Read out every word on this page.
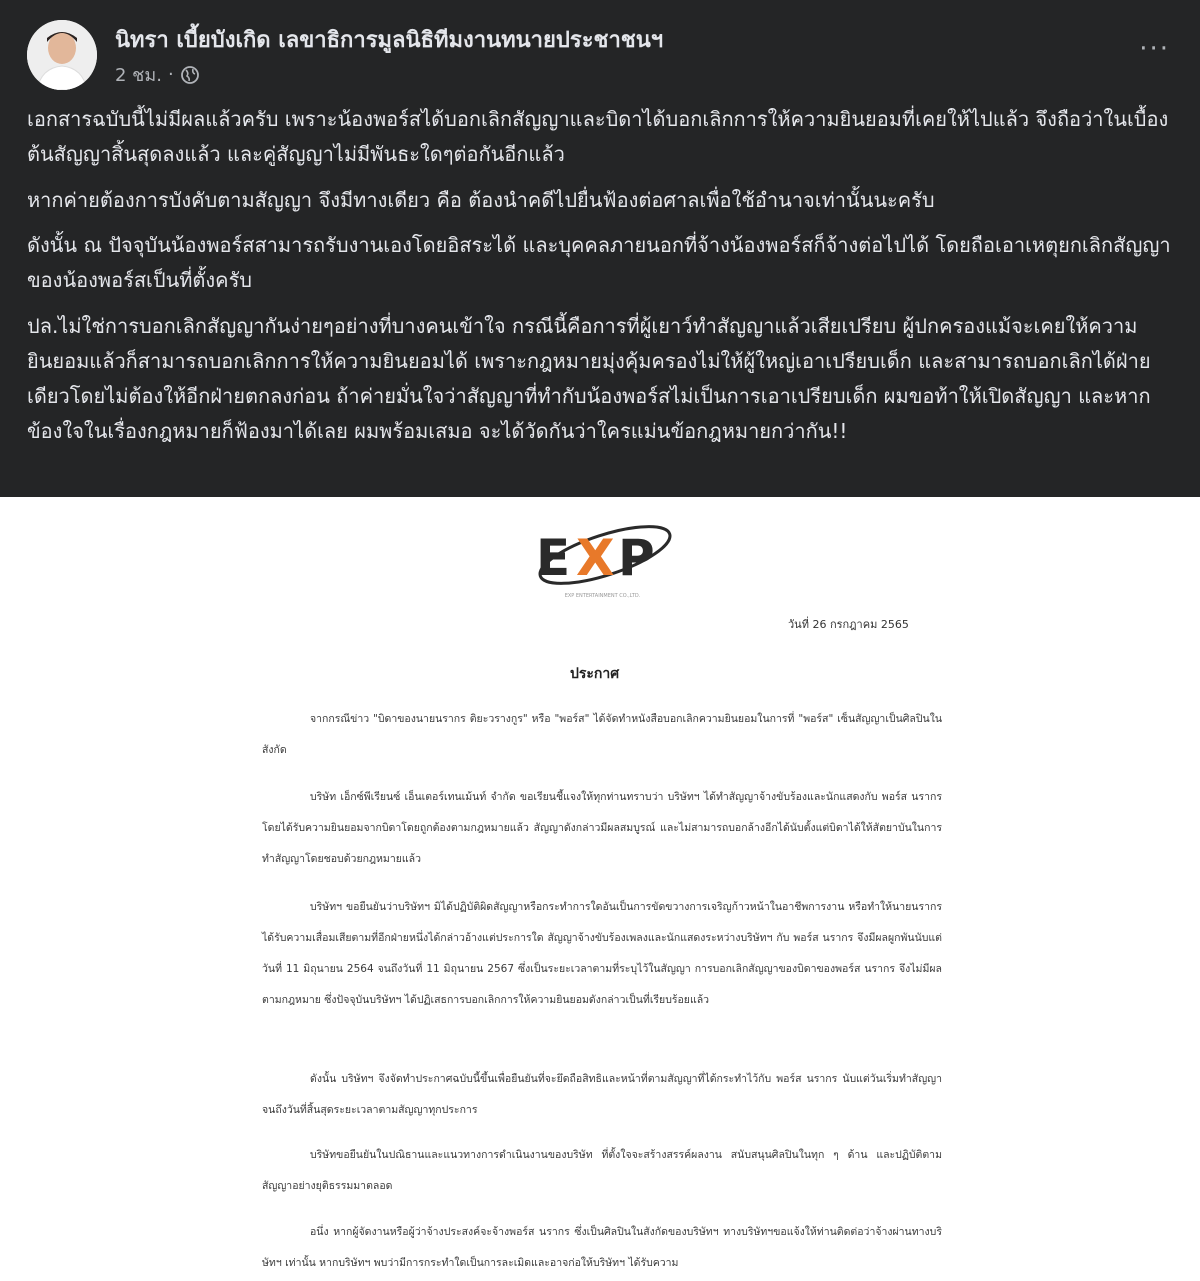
นิทรา เบี้ยบังเกิด เลขาธิการมูลนิธิทีมงานทนายประชาชนฯ
2 ชม. ·
···

เอกสารฉบับนี้ไม่มีผลแล้วครับ เพราะน้องพอร์สได้บอกเลิกสัญญาและบิดาได้บอกเลิกการให้ความยินยอมที่เคยให้ไปแล้ว จึงถือว่าในเบื้องต้นสัญญาสิ้นสุดลงแล้ว และคู่สัญญาไม่มีพันธะใดๆต่อกันอีกแล้ว

หากค่ายต้องการบังคับตามสัญญา จึงมีทางเดียว คือ ต้องนำคดีไปยื่นฟ้องต่อศาลเพื่อใช้อำนาจเท่านั้นนะครับ

ดังนั้น ณ ปัจจุบันน้องพอร์สสามารถรับงานเองโดยอิสระได้ และบุคคลภายนอกที่จ้างน้องพอร์สก็จ้างต่อไปได้ โดยถือเอาเหตุยกเลิกสัญญาของน้องพอร์สเป็นที่ตั้งครับ

ปล.ไม่ใช่การบอกเลิกสัญญากันง่ายๆอย่างที่บางคนเข้าใจ กรณีนี้คือการที่ผู้เยาว์ทำสัญญาแล้วเสียเปรียบ ผู้ปกครองแม้จะเคยให้ความยินยอมแล้วก็สามารถบอกเลิกการให้ความยินยอมได้ เพราะกฎหมายมุ่งคุ้มครองไม่ให้ผู้ใหญ่เอาเปรียบเด็ก และสามารถบอกเลิกได้ฝ่ายเดียวโดยไม่ต้องให้อีกฝ่ายตกลงก่อน ถ้าค่ายมั่นใจว่าสัญญาที่ทำกับน้องพอร์สไม่เป็นการเอาเปรียบเด็ก ผมขอท้าให้เปิดสัญญา และหากข้องใจในเรื่องกฎหมายก็ฟ้องมาได้เลย ผมพร้อมเสมอ จะได้วัดกันว่าใครแม่นข้อกฎหมายกว่ากัน!!

E X P
EXP ENTERTAINMENT CO.,LTD.
วันที่ 26 กรกฎาคม 2565
ประกาศ

จากกรณีข่าว "บิดาของนายนรากร ติยะวรางกูร" หรือ "พอร์ส" ได้จัดทำหนังสือบอกเลิกความยินยอมในการที่ "พอร์ส" เซ็นสัญญาเป็นศิลปินในสังกัด

บริษัท เอ็กซ์พีเรียนซ์ เอ็นเตอร์เทนเม้นท์ จำกัด ขอเรียนชี้แจงให้ทุกท่านทราบว่า บริษัทฯ ได้ทำสัญญาจ้างขับร้องและนักแสดงกับ พอร์ส นรากร โดยได้รับความยินยอมจากบิดาโดยถูกต้องตามกฎหมายแล้ว สัญญาดังกล่าวมีผลสมบูรณ์ และไม่สามารถบอกล้างอีกได้นับตั้งแต่บิดาได้ให้สัตยาบันในการทำสัญญาโดยชอบด้วยกฎหมายแล้ว

บริษัทฯ ขอยืนยันว่าบริษัทฯ มิได้ปฏิบัติผิดสัญญาหรือกระทำการใดอันเป็นการขัดขวางการเจริญก้าวหน้าในอาชีพการงาน หรือทำให้นายนรากร ได้รับความเสื่อมเสียตามที่อีกฝ่ายหนึ่งได้กล่าวอ้างแต่ประการใด สัญญาจ้างขับร้องเพลงและนักแสดงระหว่างบริษัทฯ กับ พอร์ส นรากร จึงมีผลผูกพันนับแต่วันที่ 11 มิถุนายน 2564 จนถึงวันที่ 11 มิถุนายน 2567 ซึ่งเป็นระยะเวลาตามที่ระบุไว้ในสัญญา การบอกเลิกสัญญาของบิดาของพอร์ส นรากร จึงไม่มีผลตามกฎหมาย ซึ่งปัจจุบันบริษัทฯ ได้ปฏิเสธการบอกเลิกการให้ความยินยอมดังกล่าวเป็นที่เรียบร้อยแล้ว

ดังนั้น บริษัทฯ จึงจัดทำประกาศฉบับนี้ขึ้นเพื่อยืนยันที่จะยึดถือสิทธิและหน้าที่ตามสัญญาที่ได้กระทำไว้กับ พอร์ส นรากร นับแต่วันเริ่มทำสัญญาจนถึงวันที่สิ้นสุดระยะเวลาตามสัญญาทุกประการ

บริษัทขอยืนยันในปณิธานและแนวทางการดำเนินงานของบริษัท ที่ตั้งใจจะสร้างสรรค์ผลงาน สนับสนุนศิลปินในทุก ๆ ด้าน และปฏิบัติตามสัญญาอย่างยุติธรรมมาตลอด

อนึ่ง หากผู้จัดงานหรือผู้ว่าจ้างประสงค์จะจ้างพอร์ส นรากร ซึ่งเป็นศิลปินในสังกัดของบริษัทฯ ทางบริษัทฯขอแจ้งให้ท่านติดต่อว่าจ้างผ่านทางบริษัทฯ เท่านั้น หากบริษัทฯ พบว่ามีการกระทำใดเป็นการละเมิดและอาจก่อให้บริษัทฯ ได้รับความ
